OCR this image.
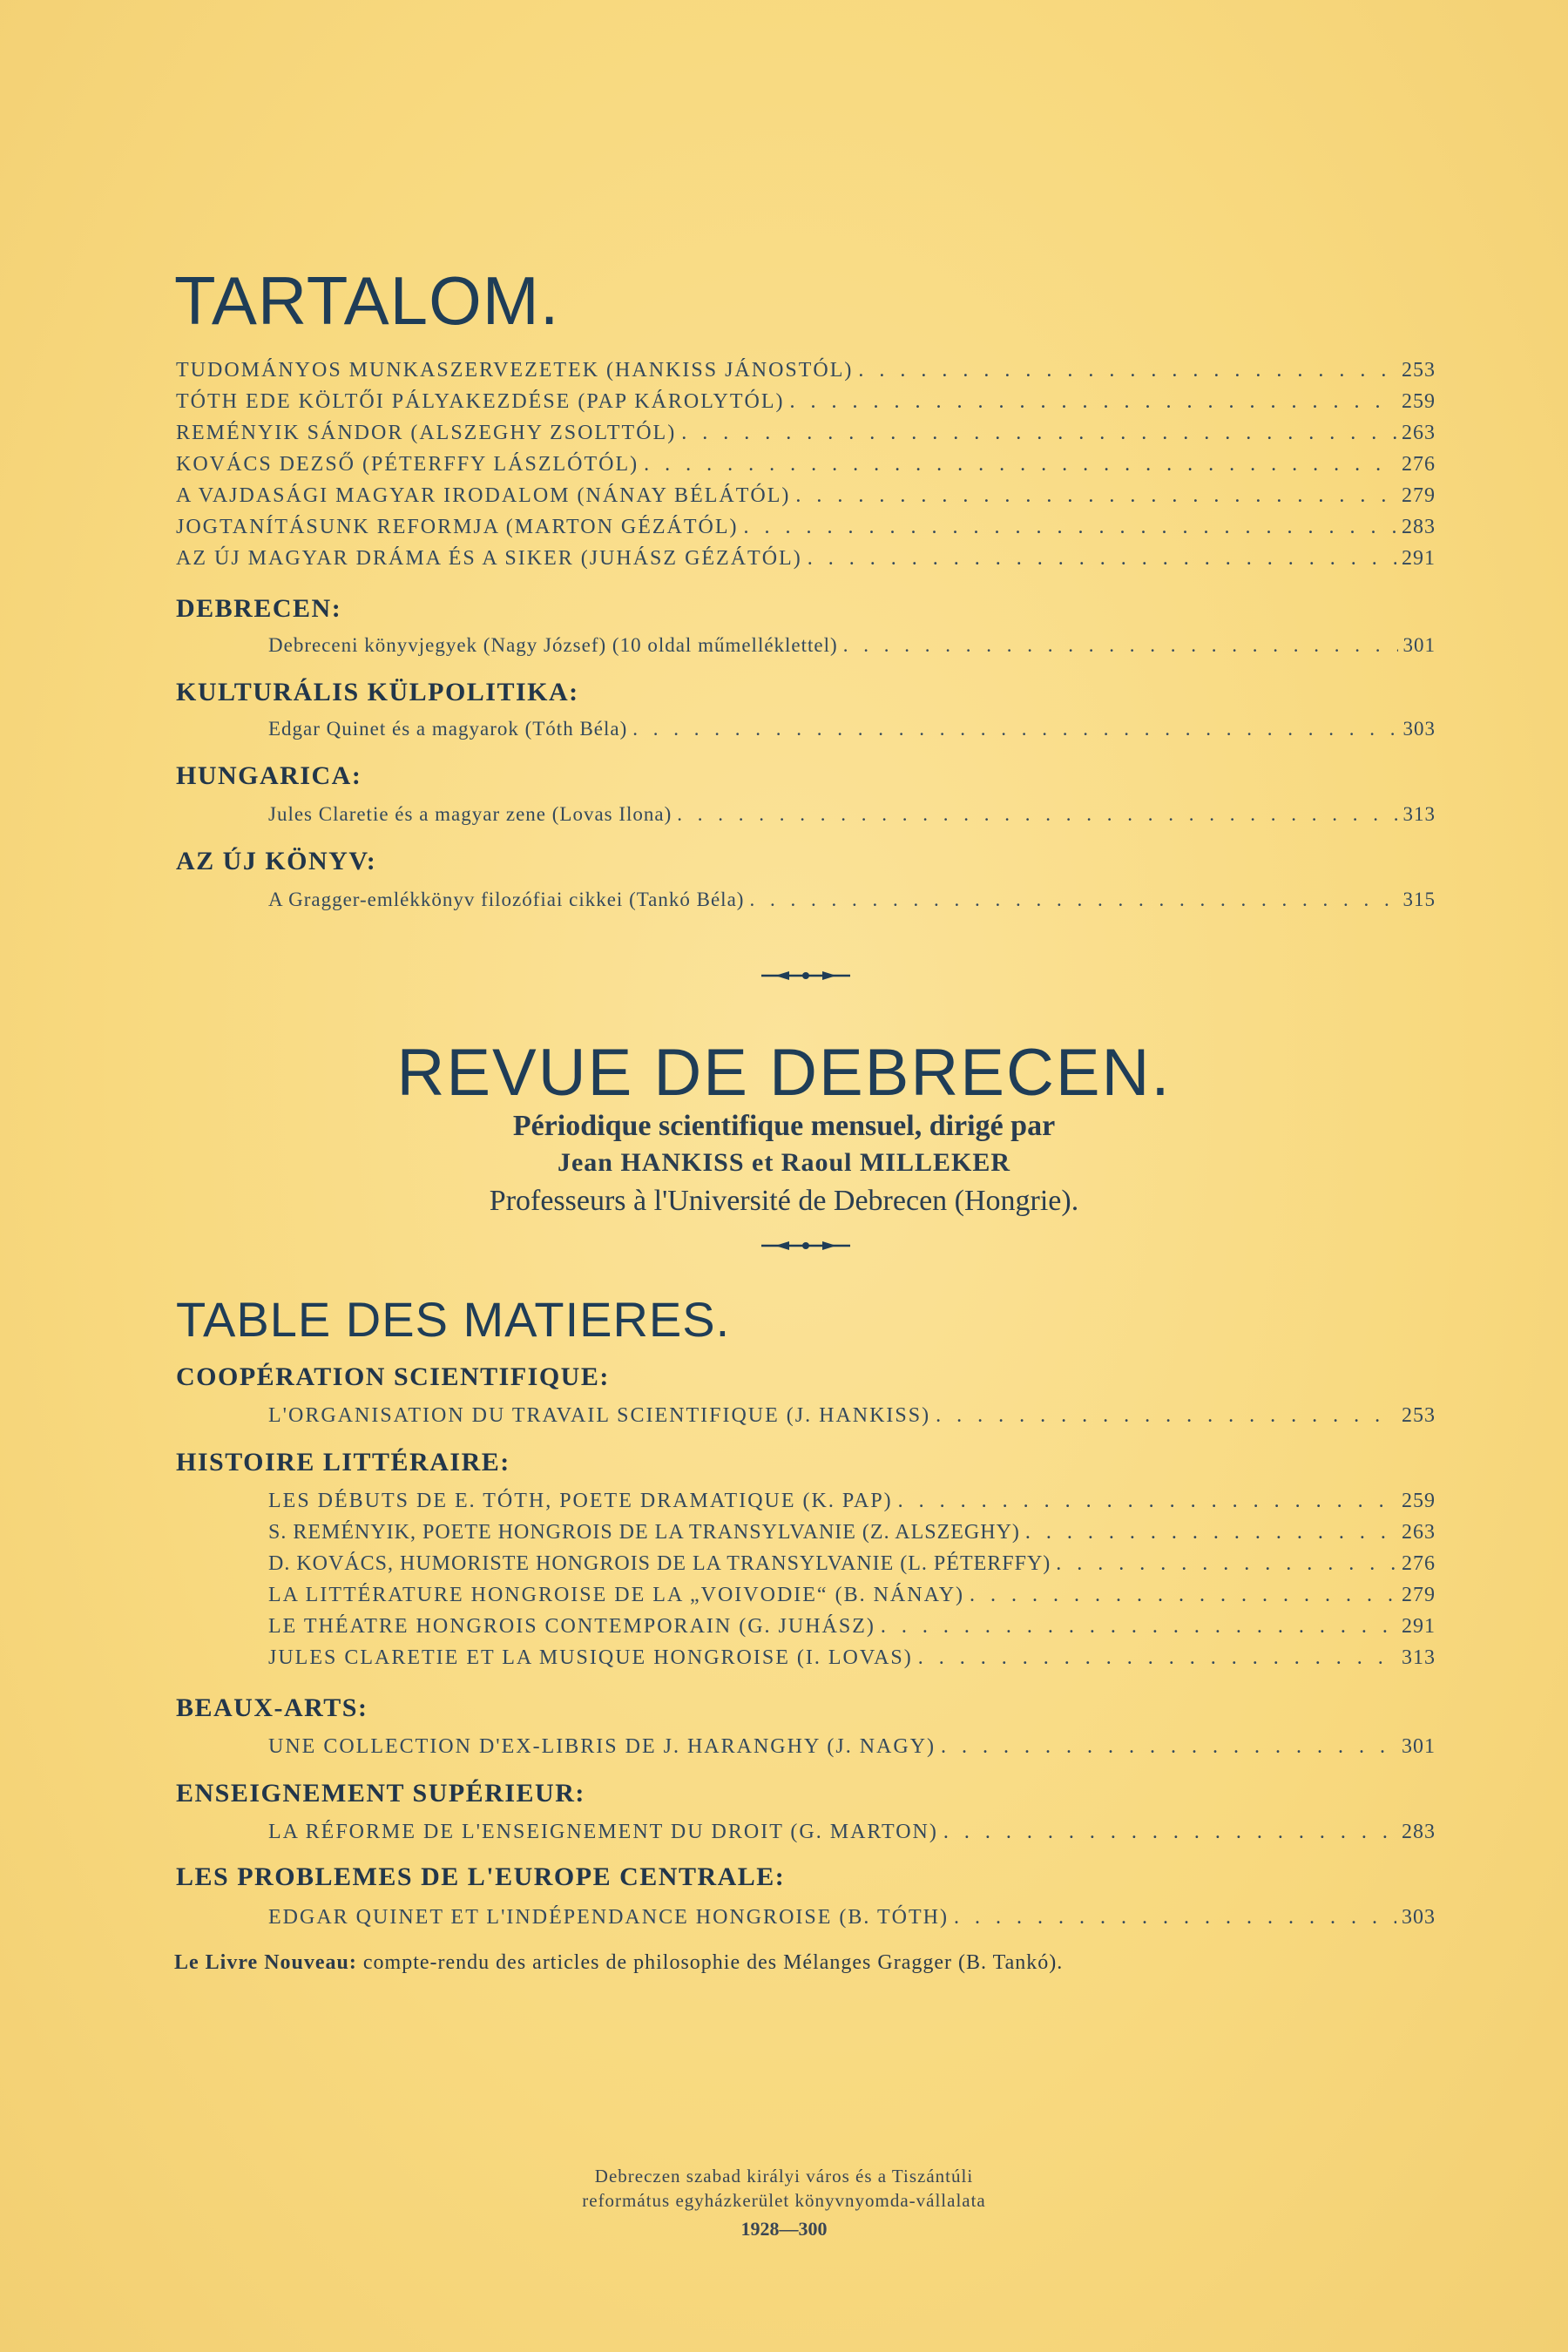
TARTALOM.
TUDOMÁNYOS MUNKASZERVEZETEK (HANKISS JÁNOSTÓL) . . .	253
TÓTH EDE KÖLTŐI PÁLYAKEZDÉSE (PAP KÁROLYTÓL) . . .	259
REMÉNYIK SÁNDOR (ALSZEGHY ZSOLTTÓL) . . .	263
KOVÁCS DEZSŐ (PÉTERFFY LÁSZLÓTÓL) . . .	276
A VAJDASÁGI MAGYAR IRODALOM (NÁNAY BÉLÁTÓL) . . .	279
JOGTANÍTÁSUNK REFORMJA (MARTON GÉZÁTÓL) . . .	283
AZ ÚJ MAGYAR DRÁMA ÉS A SIKER (JUHÁSZ GÉZÁTÓL) . . .	291
DEBRECEN:
Debreceni könyvjegyek (Nagy József) (10 oldal műmelléklettel) . . .	301
KULTURÁLIS KÜLPOLITIKA:
Edgar Quinet és a magyarok (Tóth Béla) . . .	303
HUNGARICA:
Jules Claretie és a magyar zene (Lovas Ilona) . . .	313
AZ ÚJ KÖNYV:
A Gragger-emlékkönyv filozófiai cikkei (Tankó Béla) . . .	315
REVUE DE DEBRECEN.
Périodique scientifique mensuel, dirigé par
Jean HANKISS et Raoul MILLEKER
Professeurs à l'Université de Debrecen (Hongrie).
TABLE DES MATIERES.
COOPÉRATION SCIENTIFIQUE:
L'ORGANISATION DU TRAVAIL SCIENTIFIQUE (J. HANKISS) . . .	253
HISTOIRE LITTÉRAIRE:
LES DÉBUTS DE E. TÓTH, POETE DRAMATIQUE (K. PAP) . . .	259
S. REMÉNYIK, POETE HONGROIS DE LA TRANSYLVANIE (Z. ALSZEGHY) . . .	263
D. KOVÁCS, HUMORISTE HONGROIS DE LA TRANSYLVANIE (L. PÉTERFFY) . . .	276
LA LITTÉRATURE HONGROISE DE LA „VOIVODIE“ (B. NÁNAY) . . .	279
LE THÉATRE HONGROIS CONTEMPORAIN (G. JUHÁSZ) . . .	291
JULES CLARETIE ET LA MUSIQUE HONGROISE (I. LOVAS) . . .	313
BEAUX-ARTS:
UNE COLLECTION D'EX-LIBRIS DE J. HARANGHY (J. NAGY) . . .	301
ENSEIGNEMENT SUPÉRIEUR:
LA RÉFORME DE L'ENSEIGNEMENT DU DROIT (G. MARTON) . . .	283
LES PROBLEMES DE L'EUROPE CENTRALE:
EDGAR QUINET ET L'INDÉPENDANCE HONGROISE (B. TÓTH) . . .	303
Le Livre Nouveau: compte-rendu des articles de philosophie des Mélanges Gragger (B. Tankó).
Debreczen szabad királyi város és a Tiszántúli
református egyházkerület könyvnyomda-vállalata
1928—300
